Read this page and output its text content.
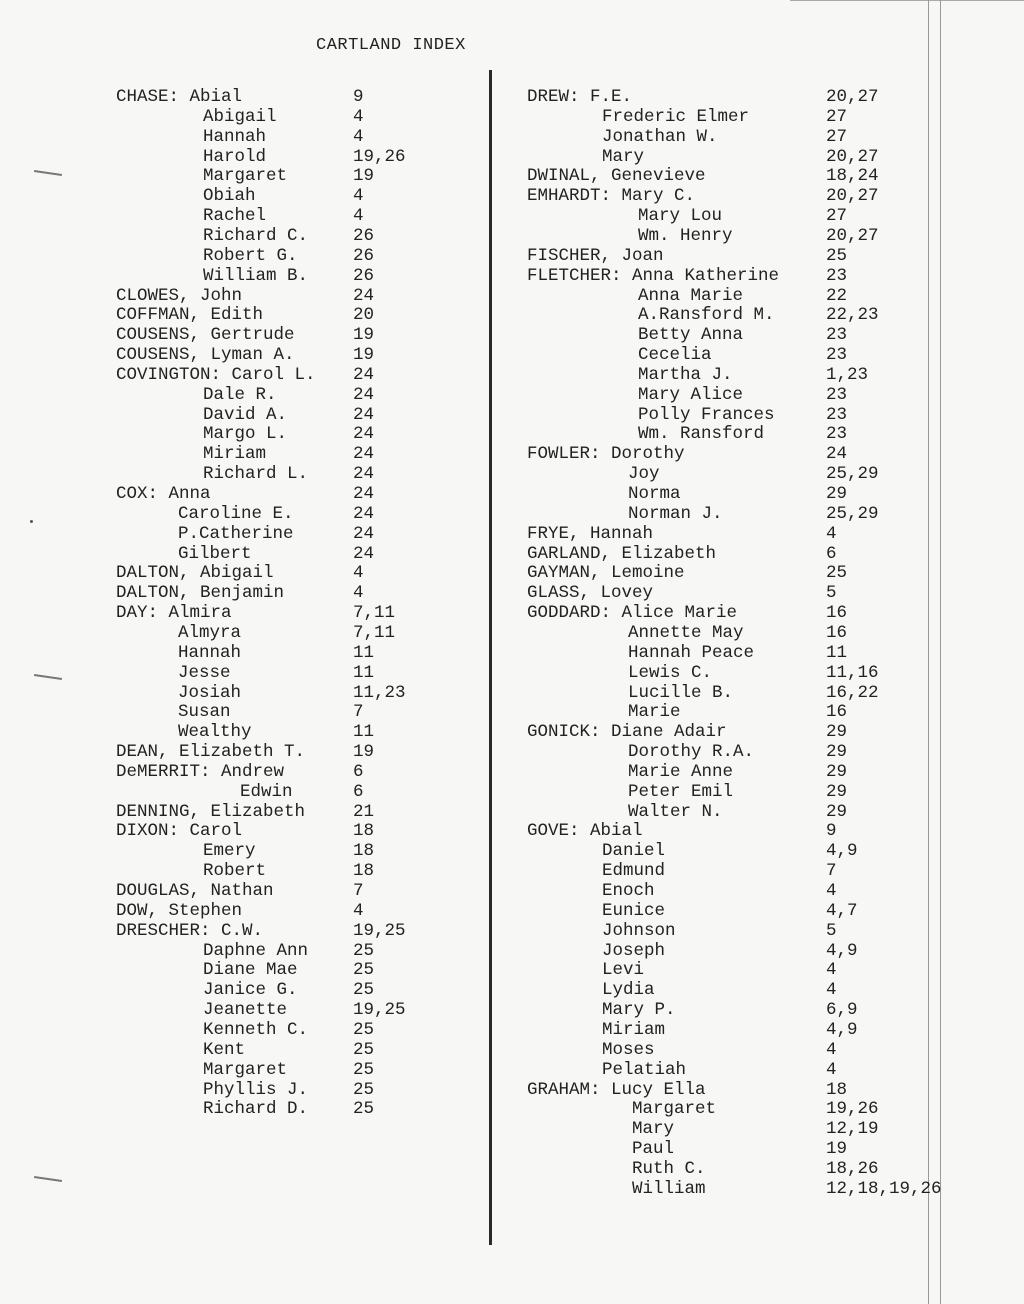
CARTLAND INDEX
CHASE: Abial	9
Abigail	4
Hannah	4
Harold	19,26
Margaret	19
Obiah	4
Rachel	4
Richard C.	26
Robert G.	26
William B.	26
CLOWES, John	24
COFFMAN, Edith	20
COUSENS, Gertrude	19
COUSENS, Lyman A.	19
COVINGTON: Carol L. 24
Dale R.	24
David A.	24
Margo L.	24
Miriam	24
Richard L.	24
COX: Anna	24
Caroline E.	24
P.Catherine	24
Gilbert	24
DALTON, Abigail	4
DALTON, Benjamin	4
DAY: Almira	7,11
Almyra	7,11
Hannah	11
Jesse	11
Josiah	11,23
Susan	7
Wealthy	11
DEAN, Elizabeth T.	19
DeMERRIT: Andrew	6
Edwin	6
DENNING, Elizabeth	21
DIXON: Carol	18
Emery	18
Robert	18
DOUGLAS, Nathan	7
DOW, Stephen	4
DRESCHER: C.W.	19,25
Daphne Ann	25
Diane Mae	25
Janice G.	25
Jeanette	19,25
Kenneth C.	25
Kent	25
Margaret	25
Phyllis J.	25
Richard D.	25
DREW: F.E.	20,27
Frederic Elmer	27
Jonathan W.	27
Mary	20,27
DWINAL, Genevieve	18,24
EMHARDT: Mary C.	20,27
Mary Lou	27
Wm. Henry	20,27
FISCHER, Joan	25
FLETCHER: Anna Katherine	23
Anna Marie	22
A.Ransford M.	22,23
Betty Anna	23
Cecelia	23
Martha J.	1,23
Mary Alice	23
Polly Frances	23
Wm. Ransford	23
FOWLER: Dorothy	24
Joy	25,29
Norma	29
Norman J.	25,29
FRYE, Hannah	4
GARLAND, Elizabeth	6
GAYMAN, Lemoine	25
GLASS, Lovey	5
GODDARD: Alice Marie	16
Annette May	16
Hannah Peace	11
Lewis C.	11,16
Lucille B.	16,22
Marie	16
GONICK: Diane Adair	29
Dorothy R.A.	29
Marie Anne	29
Peter Emil	29
Walter N.	29
GOVE: Abial	9
Daniel	4,9
Edmund	7
Enoch	4
Eunice	4,7
Johnson	5
Joseph	4,9
Levi	4
Lydia	4
Mary P.	6,9
Miriam	4,9
Moses	4
Pelatiah	4
GRAHAM: Lucy Ella	18
Margaret	19,26
Mary	12,19
Paul	19
Ruth C.	18,26
William	12,18,19,26
